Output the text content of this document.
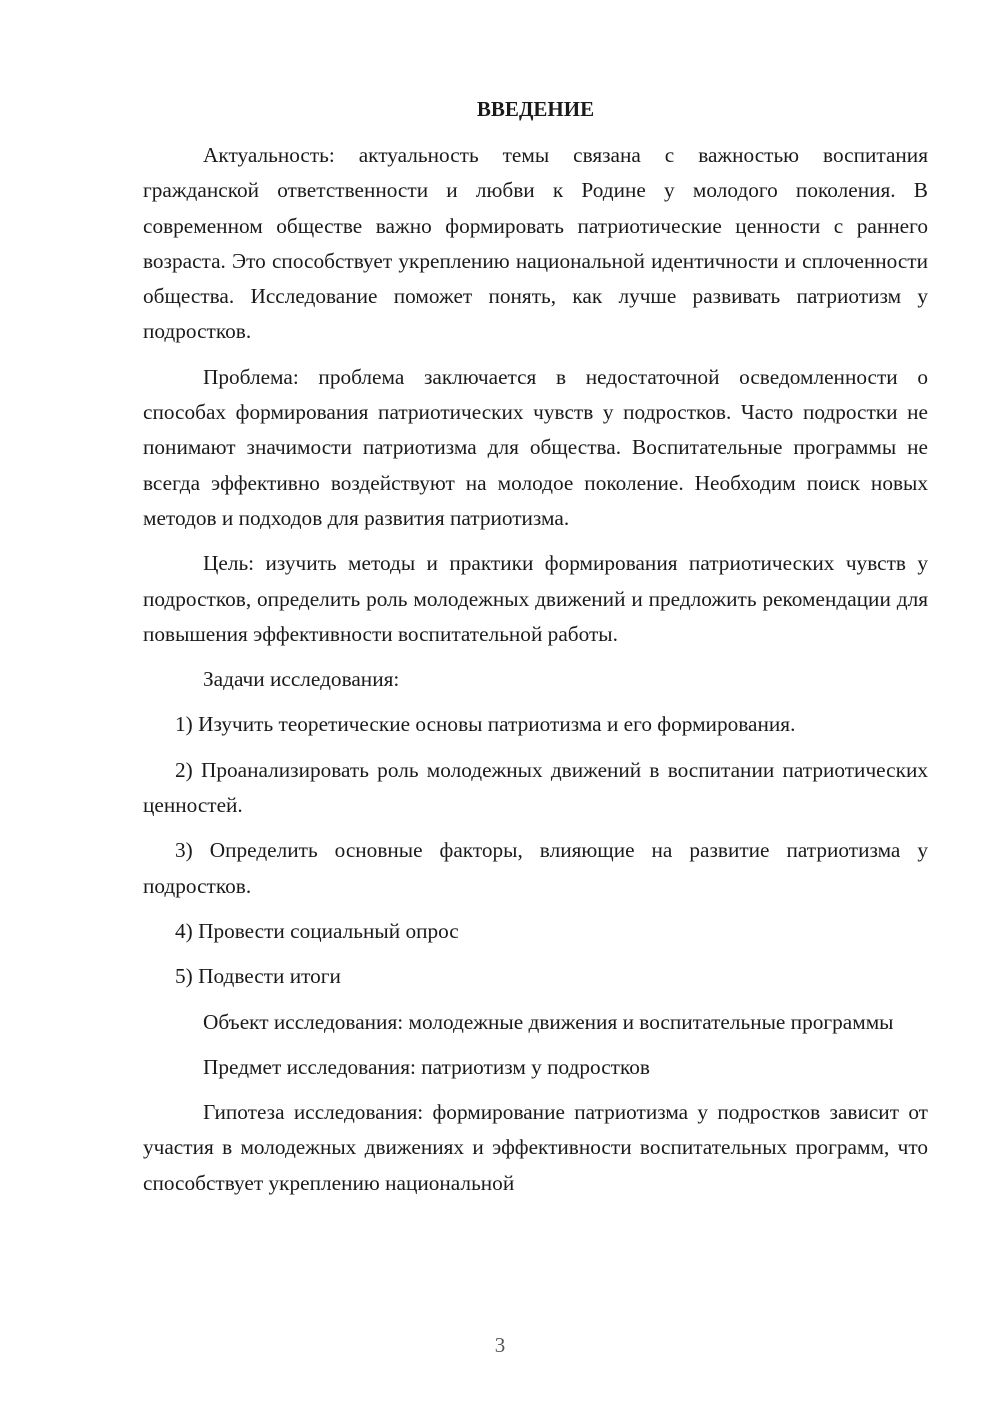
ВВЕДЕНИЕ

Актуальность: актуальность темы связана с важностью воспитания гражданской ответственности и любви к Родине у молодого поколения. В современном обществе важно формировать патриотические ценности с раннего возраста. Это способствует укреплению национальной идентичности и сплоченности общества. Исследование поможет понять, как лучше развивать патриотизм у подростков.

Проблема: проблема заключается в недостаточной осведомленности о способах формирования патриотических чувств у подростков. Часто подростки не понимают значимости патриотизма для общества. Воспитательные программы не всегда эффективно воздействуют на молодое поколение. Необходим поиск новых методов и подходов для развития патриотизма.

Цель: изучить методы и практики формирования патриотических чувств у подростков, определить роль молодежных движений и предложить рекомендации для повышения эффективности воспитательной работы.

Задачи исследования:

1) Изучить теоретические основы патриотизма и его формирования.

2) Проанализировать роль молодежных движений в воспитании патриотических ценностей.

3) Определить основные факторы, влияющие на развитие патриотизма у подростков.

4) Провести социальный опрос

5) Подвести итоги

Объект исследования: молодежные движения и воспитательные программы

Предмет исследования: патриотизм у подростков

Гипотеза исследования: формирование патриотизма у подростков зависит от участия в молодежных движениях и эффективности воспитательных программ, что способствует укреплению национальной

3
